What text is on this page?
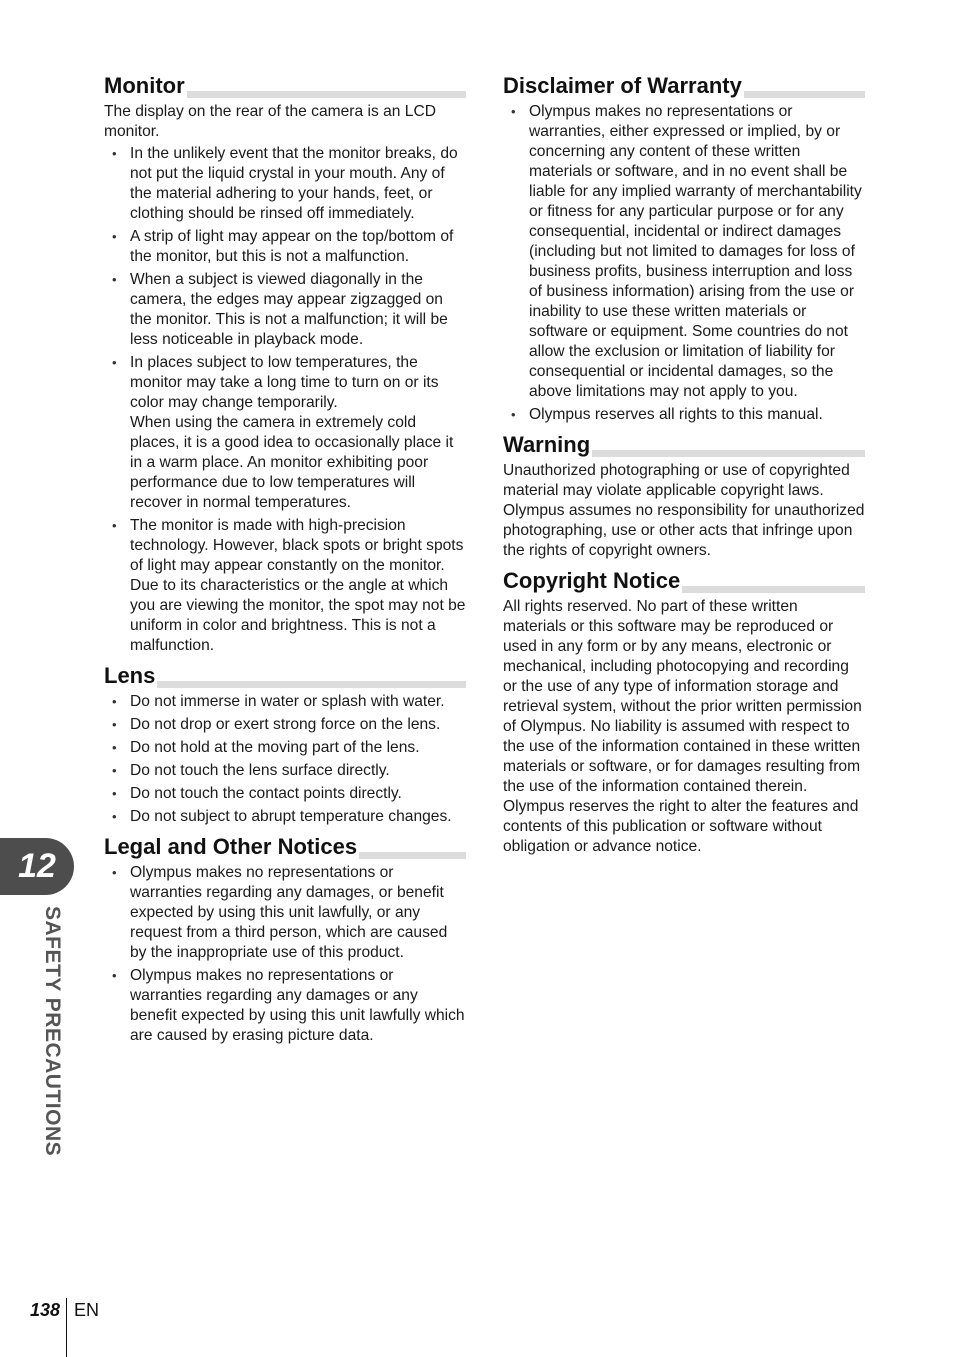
12
SAFETY PRECAUTIONS
Monitor

The display on the rear of the camera is an LCD monitor.

• In the unlikely event that the monitor breaks, do not put the liquid crystal in your mouth. Any of the material adhering to your hands, feet, or clothing should be rinsed off immediately.
• A strip of light may appear on the top/bottom of the monitor, but this is not a malfunction.
• When a subject is viewed diagonally in the camera, the edges may appear zigzagged on the monitor. This is not a malfunction; it will be less noticeable in playback mode.
• In places subject to low temperatures, the monitor may take a long time to turn on or its color may change temporarily.
When using the camera in extremely cold places, it is a good idea to occasionally place it in a warm place. An monitor exhibiting poor performance due to low temperatures will recover in normal temperatures.
• The monitor is made with high-precision technology. However, black spots or bright spots of light may appear constantly on the monitor.
Due to its characteristics or the angle at which you are viewing the monitor, the spot may not be uniform in color and brightness. This is not a malfunction.
Lens
• Do not immerse in water or splash with water.
• Do not drop or exert strong force on the lens.
• Do not hold at the moving part of the lens.
• Do not touch the lens surface directly.
• Do not touch the contact points directly.
• Do not subject to abrupt temperature changes.
Legal and Other Notices
• Olympus makes no representations or warranties regarding any damages, or benefit expected by using this unit lawfully, or any request from a third person, which are caused by the inappropriate use of this product.
• Olympus makes no representations or warranties regarding any damages or any benefit expected by using this unit lawfully which are caused by erasing picture data.
Disclaimer of Warranty
• Olympus makes no representations or warranties, either expressed or implied, by or concerning any content of these written materials or software, and in no event shall be liable for any implied warranty of merchantability or fitness for any particular purpose or for any consequential, incidental or indirect damages (including but not limited to damages for loss of business profits, business interruption and loss of business information) arising from the use or inability to use these written materials or software or equipment. Some countries do not allow the exclusion or limitation of liability for consequential or incidental damages, so the above limitations may not apply to you.
• Olympus reserves all rights to this manual.
Warning

Unauthorized photographing or use of copyrighted material may violate applicable copyright laws. Olympus assumes no responsibility for unauthorized photographing, use or other acts that infringe upon the rights of copyright owners.

Copyright Notice

All rights reserved. No part of these written materials or this software may be reproduced or used in any form or by any means, electronic or mechanical, including photocopying and recording or the use of any type of information storage and retrieval system, without the prior written permission of Olympus. No liability is assumed with respect to the use of the information contained in these written materials or software, or for damages resulting from the use of the information contained therein. Olympus reserves the right to alter the features and contents of this publication or software without obligation or advance notice.

138 EN
